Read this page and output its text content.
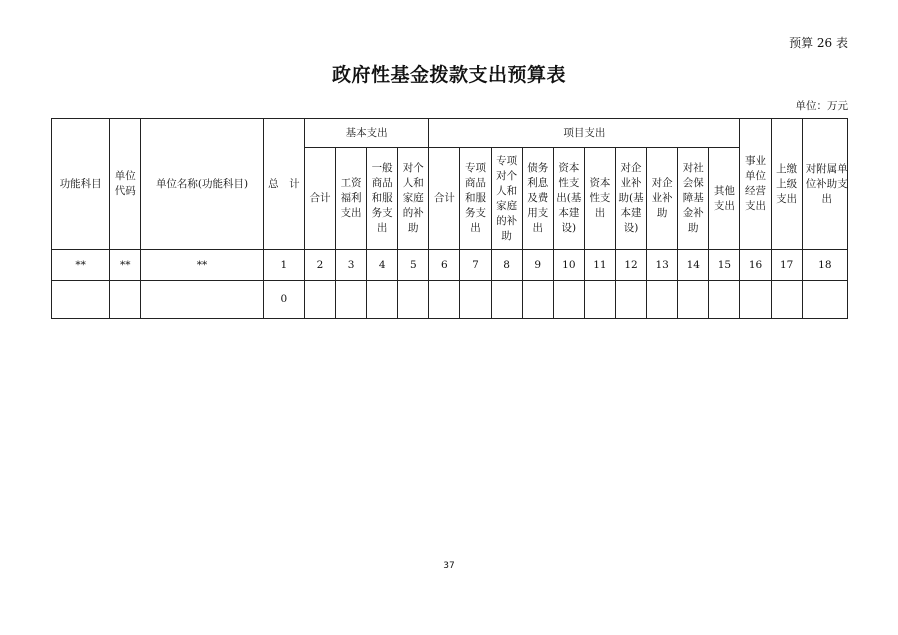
预算 26 表
政府性基金拨款支出预算表
单位：万元
功能科目	单位代码	单位名称(功能科目)	总　计	基本支出				项目支出										事业单位经营支出	上缴上级支出	对附属单位补助支出
				合计	工资福利支出	一般商品和服务支出	对个人和家庭的补助	合计	专项商品和服务支出	专项对个人和家庭的补助	债务利息及费用支出	资本性支出(基本建设)	资本性支出	对企业补助(基本建设)	对企业补助	对社会保障基金补助	其他支出			
**	**	**	1	2	3	4	5	6	7	8	9	10	11	12	13	14	15	16	17	18
			0																	
37
